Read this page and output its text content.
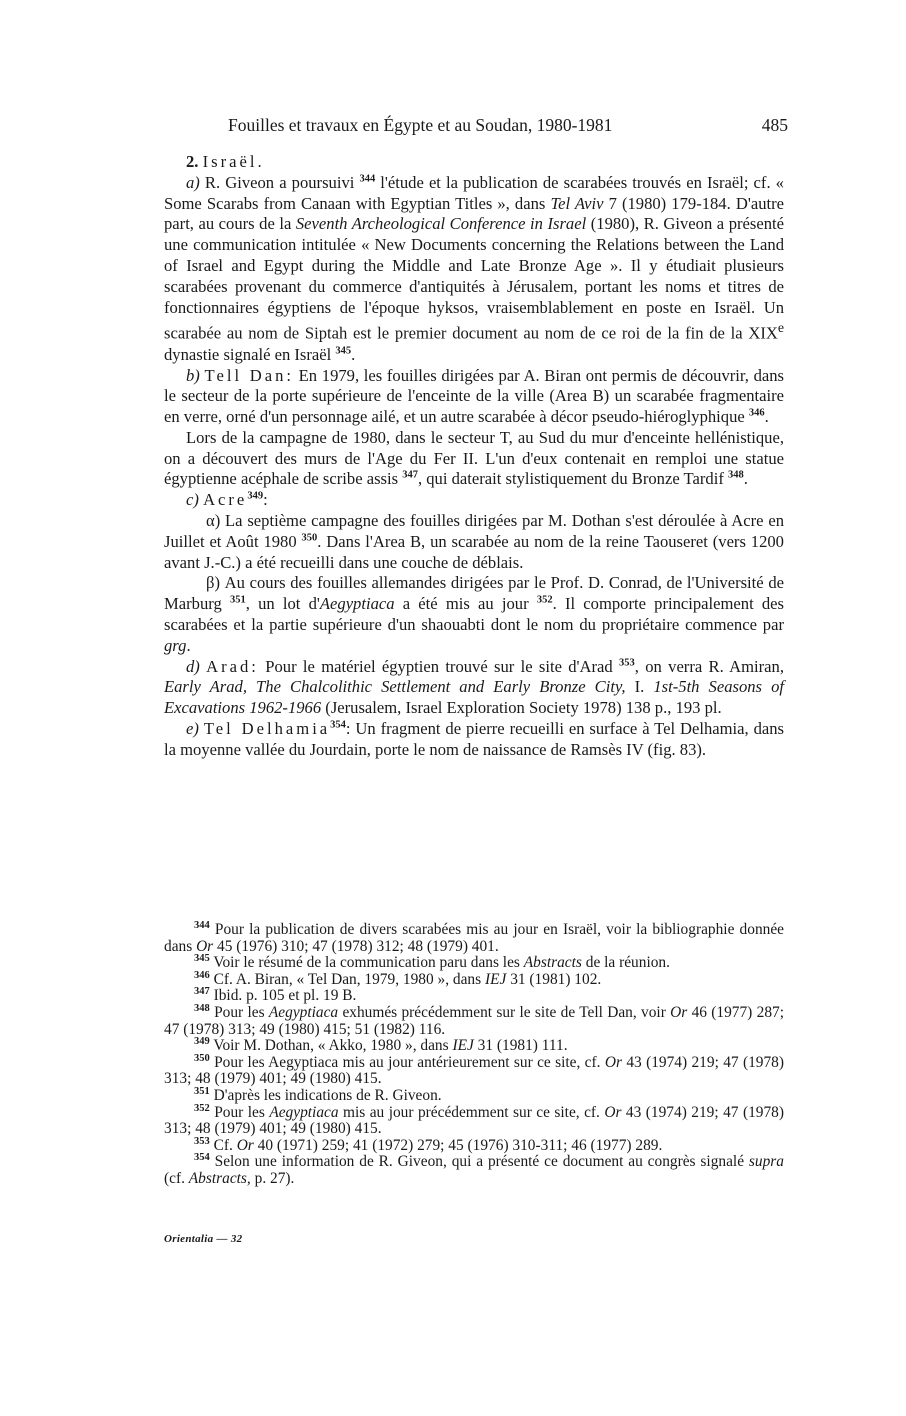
Fouilles et travaux en Égypte et au Soudan, 1980-1981	485

2. Israël.

a) R. Giveon a poursuivi $^{344}$ l'étude et la publication de scarabées trouvés en Israël; cf. « Some Scarabs from Canaan with Egyptian Titles », dans Tel Aviv 7 (1980) 179-184. D'autre part, au cours de la Seventh Archeological Conference in Israel (1980), R. Giveon a présenté une communication intitulée « New Documents concerning the Relations between the Land of Israel and Egypt during the Middle and Late Bronze Age ». Il y étudiait plusieurs scarabées provenant du commerce d'antiquités à Jérusalem, portant les noms et titres de fonctionnaires égyptiens de l'époque hyksos, vraisemblablement en poste en Israël. Un scarabée au nom de Siptah est le premier document au nom de ce roi de la fin de la XIXe dynastie signalé en Israël $^{345}$.

b) Tell Dan: En 1979, les fouilles dirigées par A. Biran ont permis de découvrir, dans le secteur de la porte supérieure de l'enceinte de la ville (Area B) un scarabée fragmentaire en verre, orné d'un personnage ailé, et un autre scarabée à décor pseudo-hiéroglyphique $^{346}$.

Lors de la campagne de 1980, dans le secteur T, au Sud du mur d'enceinte hellénistique, on a découvert des murs de l'Age du Fer II. L'un d'eux contenait en remploi une statue égyptienne acéphale de scribe assis $^{347}$, qui daterait stylistiquement du Bronze Tardif $^{348}$.

c) Acre$^{349}$:

α) La septième campagne des fouilles dirigées par M. Dothan s'est déroulée à Acre en Juillet et Août 1980 $^{350}$. Dans l'Area B, un scarabée au nom de la reine Taouseret (vers 1200 avant J.-C.) a été recueilli dans une couche de déblais.

β) Au cours des fouilles allemandes dirigées par le Prof. D. Conrad, de l'Université de Marburg $^{351}$, un lot d'Aegyptiaca a été mis au jour $^{352}$. Il comporte principalement des scarabées et la partie supérieure d'un shaouabti dont le nom du propriétaire commence par grg.

d) Arad: Pour le matériel égyptien trouvé sur le site d'Arad $^{353}$, on verra R. Amiran, Early Arad, The Chalcolithic Settlement and Early Bronze City, I. 1st-5th Seasons of Excavations 1962-1966 (Jerusalem, Israel Exploration Society 1978) 138 p., 193 pl.

e) Tel Delhamia$^{354}$: Un fragment de pierre recueilli en surface à Tel Delhamia, dans la moyenne vallée du Jourdain, porte le nom de naissance de Ramsès IV (fig. 83).

$^{344}$ Pour la publication de divers scarabées mis au jour en Israël, voir la bibliographie donnée dans Or 45 (1976) 310; 47 (1978) 312; 48 (1979) 401.

$^{345}$ Voir le résumé de la communication paru dans les Abstracts de la réunion.

$^{346}$ Cf. A. Biran, « Tel Dan, 1979, 1980 », dans IEJ 31 (1981) 102.

$^{347}$ Ibid. p. 105 et pl. 19 B.

$^{348}$ Pour les Aegyptiaca exhumés précédemment sur le site de Tell Dan, voir Or 46 (1977) 287; 47 (1978) 313; 49 (1980) 415; 51 (1982) 116.

$^{349}$ Voir M. Dothan, « Akko, 1980 », dans IEJ 31 (1981) 111.

$^{350}$ Pour les Aegyptiaca mis au jour antérieurement sur ce site, cf. Or 43 (1974) 219; 47 (1978) 313; 48 (1979) 401; 49 (1980) 415.

$^{351}$ D'après les indications de R. Giveon.

$^{352}$ Pour les Aegyptiaca mis au jour précédemment sur ce site, cf. Or 43 (1974) 219; 47 (1978) 313; 48 (1979) 401; 49 (1980) 415.

$^{353}$ Cf. Or 40 (1971) 259; 41 (1972) 279; 45 (1976) 310-311; 46 (1977) 289.

$^{354}$ Selon une information de R. Giveon, qui a présenté ce document au congrès signalé supra (cf. Abstracts, p. 27).

Orientalia — 32
